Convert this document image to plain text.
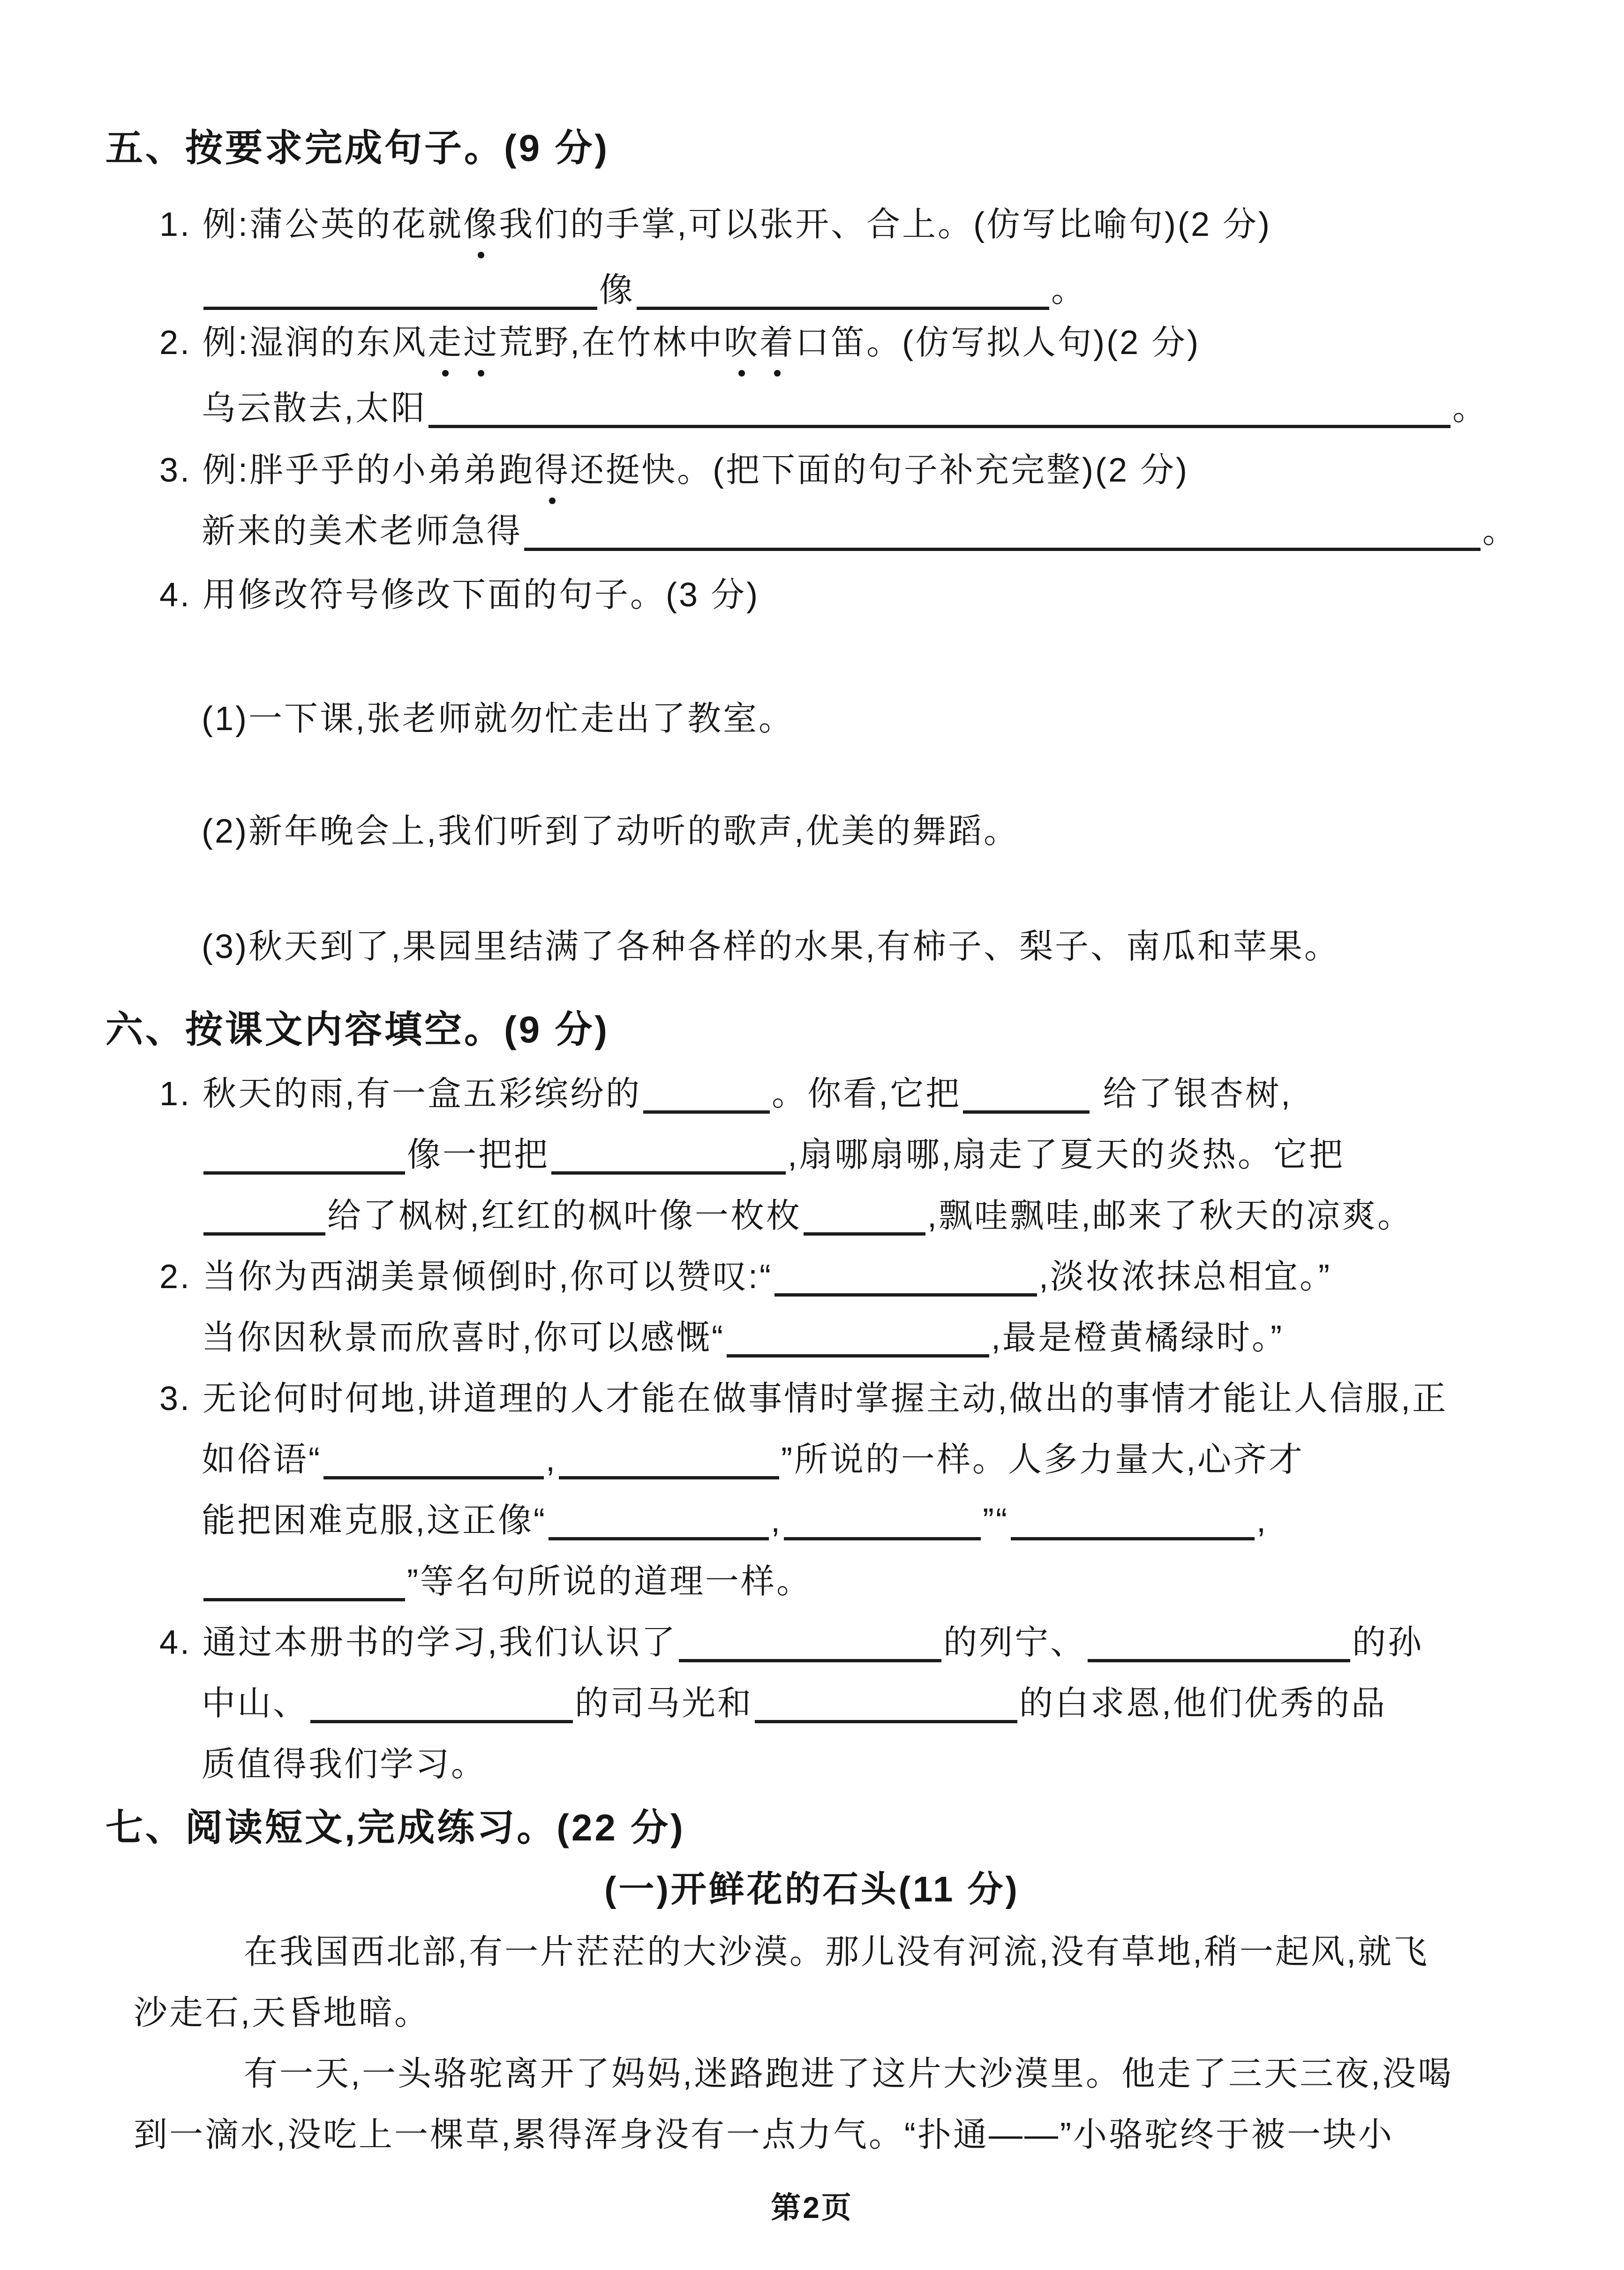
五、按要求完成句子。(9 分)
1. 例:蒲公英的花就像我们的手掌,可以张开、合上。(仿写比喻句)(2 分)
像	。
2. 例:湿润的东风走过荒野,在竹林中吹着口笛。(仿写拟人句)(2 分)
乌云散去,太阳	。
3. 例:胖乎乎的小弟弟跑得还挺快。(把下面的句子补充完整)(2 分)
新来的美术老师急得	。
4. 用修改符号修改下面的句子。(3 分)
(1)一下课,张老师就勿忙走出了教室。
(2)新年晚会上,我们听到了动听的歌声,优美的舞蹈。
(3)秋天到了,果园里结满了各种各样的水果,有柿子、梨子、南瓜和苹果。
六、按课文内容填空。(9 分)
1. 秋天的雨,有一盒五彩缤纷的	。你看,它把	给了银杏树,
像一把把	,扇哪扇哪,扇走了夏天的炎热。它把
给了枫树,红红的枫叶像一枚枚	,飘哇飘哇,邮来了秋天的凉爽。
2. 当你为西湖美景倾倒时,你可以赞叹:“	,淡妆浓抹总相宜。”
当你因秋景而欣喜时,你可以感慨“	,最是橙黄橘绿时。”
3. 无论何时何地,讲道理的人才能在做事情时掌握主动,做出的事情才能让人信服,正
如俗语“	,	”所说的一样。人多力量大,心齐才
能把困难克服,这正像“	,	”“	,
”等名句所说的道理一样。
4. 通过本册书的学习,我们认识了	的列宁、	的孙
中山、	的司马光和	的白求恩,他们优秀的品
质值得我们学习。
七、阅读短文,完成练习。(22 分)
(一)开鲜花的石头(11 分)
在我国西北部,有一片茫茫的大沙漠。那儿没有河流,没有草地,稍一起风,就飞
沙走石,天昏地暗。
有一天,一头骆驼离开了妈妈,迷路跑进了这片大沙漠里。他走了三天三夜,没喝
到一滴水,没吃上一棵草,累得浑身没有一点力气。“扑通——”小骆驼终于被一块小
第2页
